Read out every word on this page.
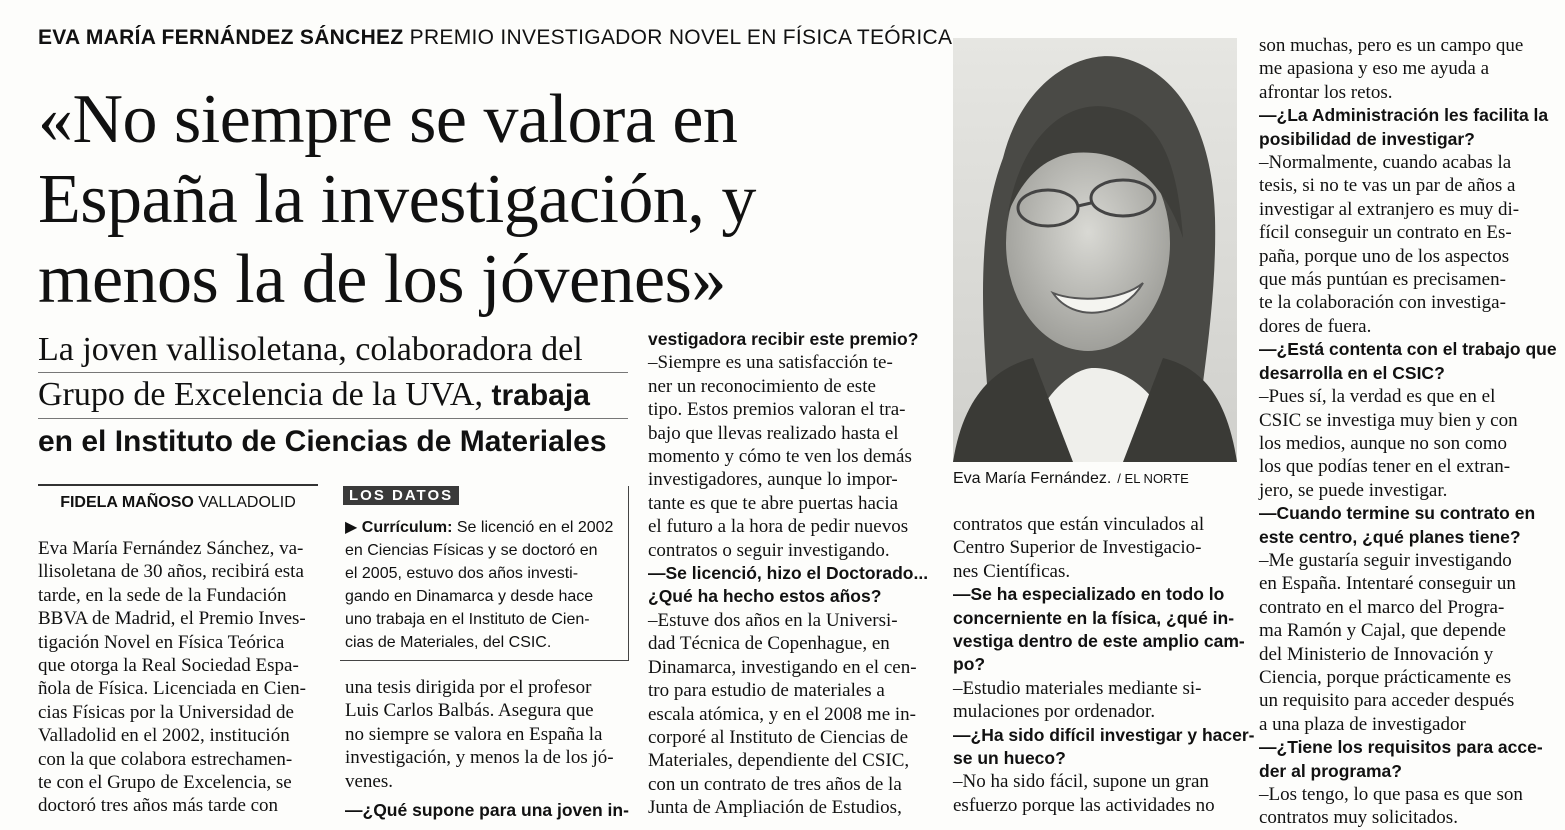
EVA MARÍA FERNÁNDEZ SÁNCHEZ PREMIO INVESTIGADOR NOVEL EN FÍSICA TEÓRICA
«No siempre se valora en
España la investigación, y
menos la de los jóvenes»
La joven vallisoletana, colaboradora del
Grupo de Excelencia de la UVA, trabaja
en el Instituto de Ciencias de Materiales
FIDELA MAÑOSO VALLADOLID
Eva María Fernández Sánchez, va-
llisoletana de 30 años, recibirá esta
tarde, en la sede de la Fundación
BBVA de Madrid, el Premio Inves-
tigación Novel en Física Teórica
que otorga la Real Sociedad Espa-
ñola de Física. Licenciada en Cien-
cias Físicas por la Universidad de
Valladolid en el 2002, institución
con la que colabora estrechamen-
te con el Grupo de Excelencia, se
doctoró tres años más tarde con
LOS DATOS
▶ Currículum: Se licenció en el 2002
en Ciencias Físicas y se doctoró en
el 2005, estuvo dos años investi-
gando en Dinamarca y desde hace
uno trabaja en el Instituto de Cien-
cias de Materiales, del CSIC.
una tesis dirigida por el profesor
Luis Carlos Balbás. Asegura que
no siempre se valora en España la
investigación, y menos la de los jó-
venes.
—¿Qué supone para una joven in-
vestigadora recibir este premio?
–Siempre es una satisfacción te-
ner un reconocimiento de este
tipo. Estos premios valoran el tra-
bajo que llevas realizado hasta el
momento y cómo te ven los demás
investigadores, aunque lo impor-
tante es que te abre puertas hacia
el futuro a la hora de pedir nuevos
contratos o seguir investigando.
—Se licenció, hizo el Doctorado...
¿Qué ha hecho estos años?
–Estuve dos años en la Universi-
dad Técnica de Copenhague, en
Dinamarca, investigando en el cen-
tro para estudio de materiales a
escala atómica, y en el 2008 me in-
corporé al Instituto de Ciencias de
Materiales, dependiente del CSIC,
con un contrato de tres años de la
Junta de Ampliación de Estudios,
Eva María Fernández. / EL NORTE
contratos que están vinculados al
Centro Superior de Investigacio-
nes Científicas.
—Se ha especializado en todo lo
concerniente en la física, ¿qué in-
vestiga dentro de este amplio cam-
po?
–Estudio materiales mediante si-
mulaciones por ordenador.
—¿Ha sido difícil investigar y hacer-
se un hueco?
–No ha sido fácil, supone un gran
esfuerzo porque las actividades no
son muchas, pero es un campo que
me apasiona y eso me ayuda a
afrontar los retos.
—¿La Administración les facilita la
posibilidad de investigar?
–Normalmente, cuando acabas la
tesis, si no te vas un par de años a
investigar al extranjero es muy di-
fícil conseguir un contrato en Es-
paña, porque uno de los aspectos
que más puntúan es precisamen-
te la colaboración con investiga-
dores de fuera.
—¿Está contenta con el trabajo que
desarrolla en el CSIC?
–Pues sí, la verdad es que en el
CSIC se investiga muy bien y con
los medios, aunque no son como
los que podías tener en el extran-
jero, se puede investigar.
—Cuando termine su contrato en
este centro, ¿qué planes tiene?
–Me gustaría seguir investigando
en España. Intentaré conseguir un
contrato en el marco del Progra-
ma Ramón y Cajal, que depende
del Ministerio de Innovación y
Ciencia, porque prácticamente es
un requisito para acceder después
a una plaza de investigador
—¿Tiene los requisitos para acce-
der al programa?
–Los tengo, lo que pasa es que son
contratos muy solicitados.
